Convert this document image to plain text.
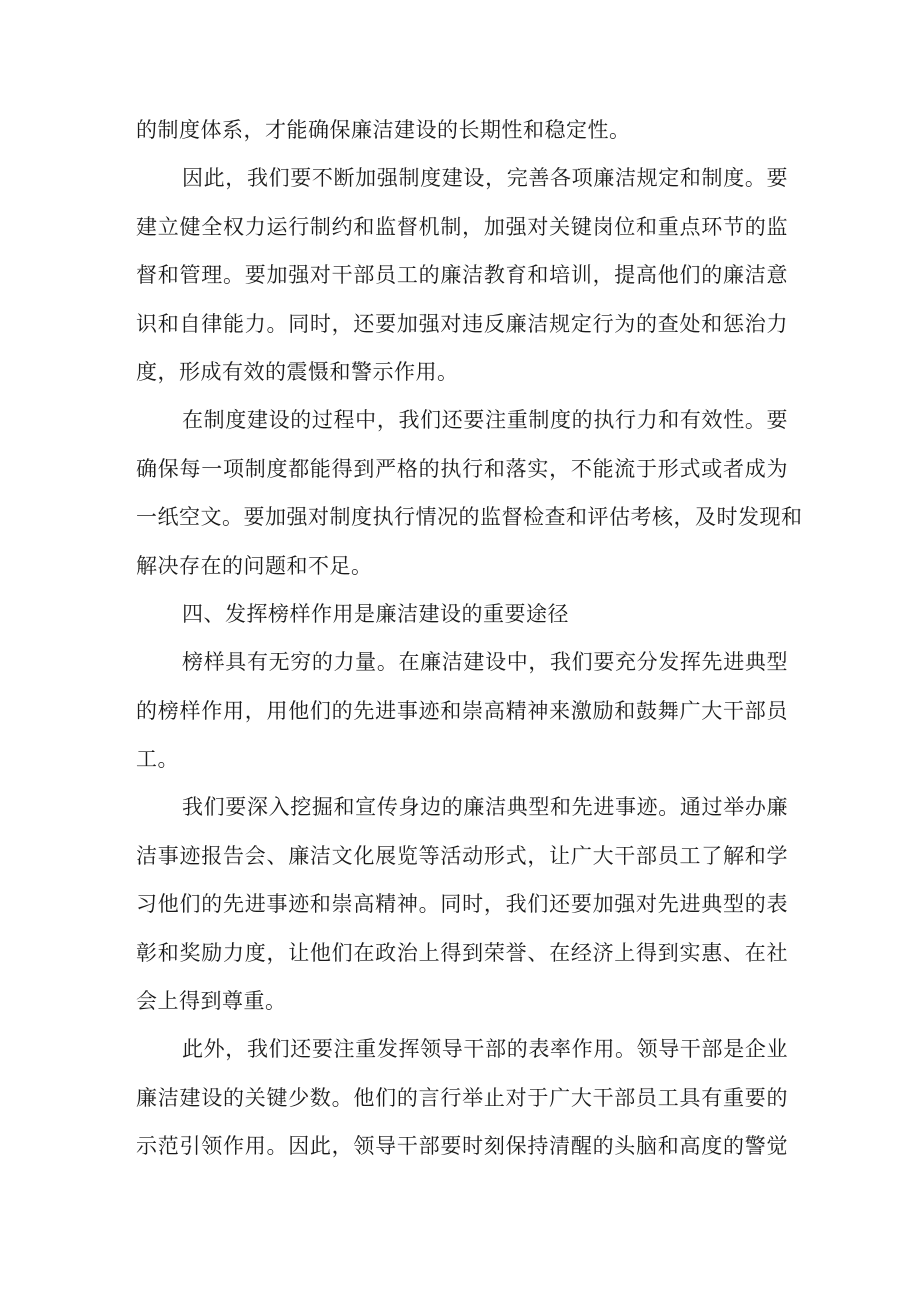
的制度体系，才能确保廉洁建设的长期性和稳定性。
因此，我们要不断加强制度建设，完善各项廉洁规定和制度。要
建立健全权力运行制约和监督机制，加强对关键岗位和重点环节的监
督和管理。要加强对干部员工的廉洁教育和培训，提高他们的廉洁意
识和自律能力。同时，还要加强对违反廉洁规定行为的查处和惩治力
度，形成有效的震慑和警示作用。
在制度建设的过程中，我们还要注重制度的执行力和有效性。要
确保每一项制度都能得到严格的执行和落实，不能流于形式或者成为
一纸空文。要加强对制度执行情况的监督检查和评估考核，及时发现和
解决存在的问题和不足。
四、发挥榜样作用是廉洁建设的重要途径
榜样具有无穷的力量。在廉洁建设中，我们要充分发挥先进典型
的榜样作用，用他们的先进事迹和崇高精神来激励和鼓舞广大干部员
工。
我们要深入挖掘和宣传身边的廉洁典型和先进事迹。通过举办廉
洁事迹报告会、廉洁文化展览等活动形式，让广大干部员工了解和学
习他们的先进事迹和崇高精神。同时，我们还要加强对先进典型的表
彰和奖励力度，让他们在政治上得到荣誉、在经济上得到实惠、在社
会上得到尊重。
此外，我们还要注重发挥领导干部的表率作用。领导干部是企业
廉洁建设的关键少数。他们的言行举止对于广大干部员工具有重要的
示范引领作用。因此，领导干部要时刻保持清醒的头脑和高度的警觉
